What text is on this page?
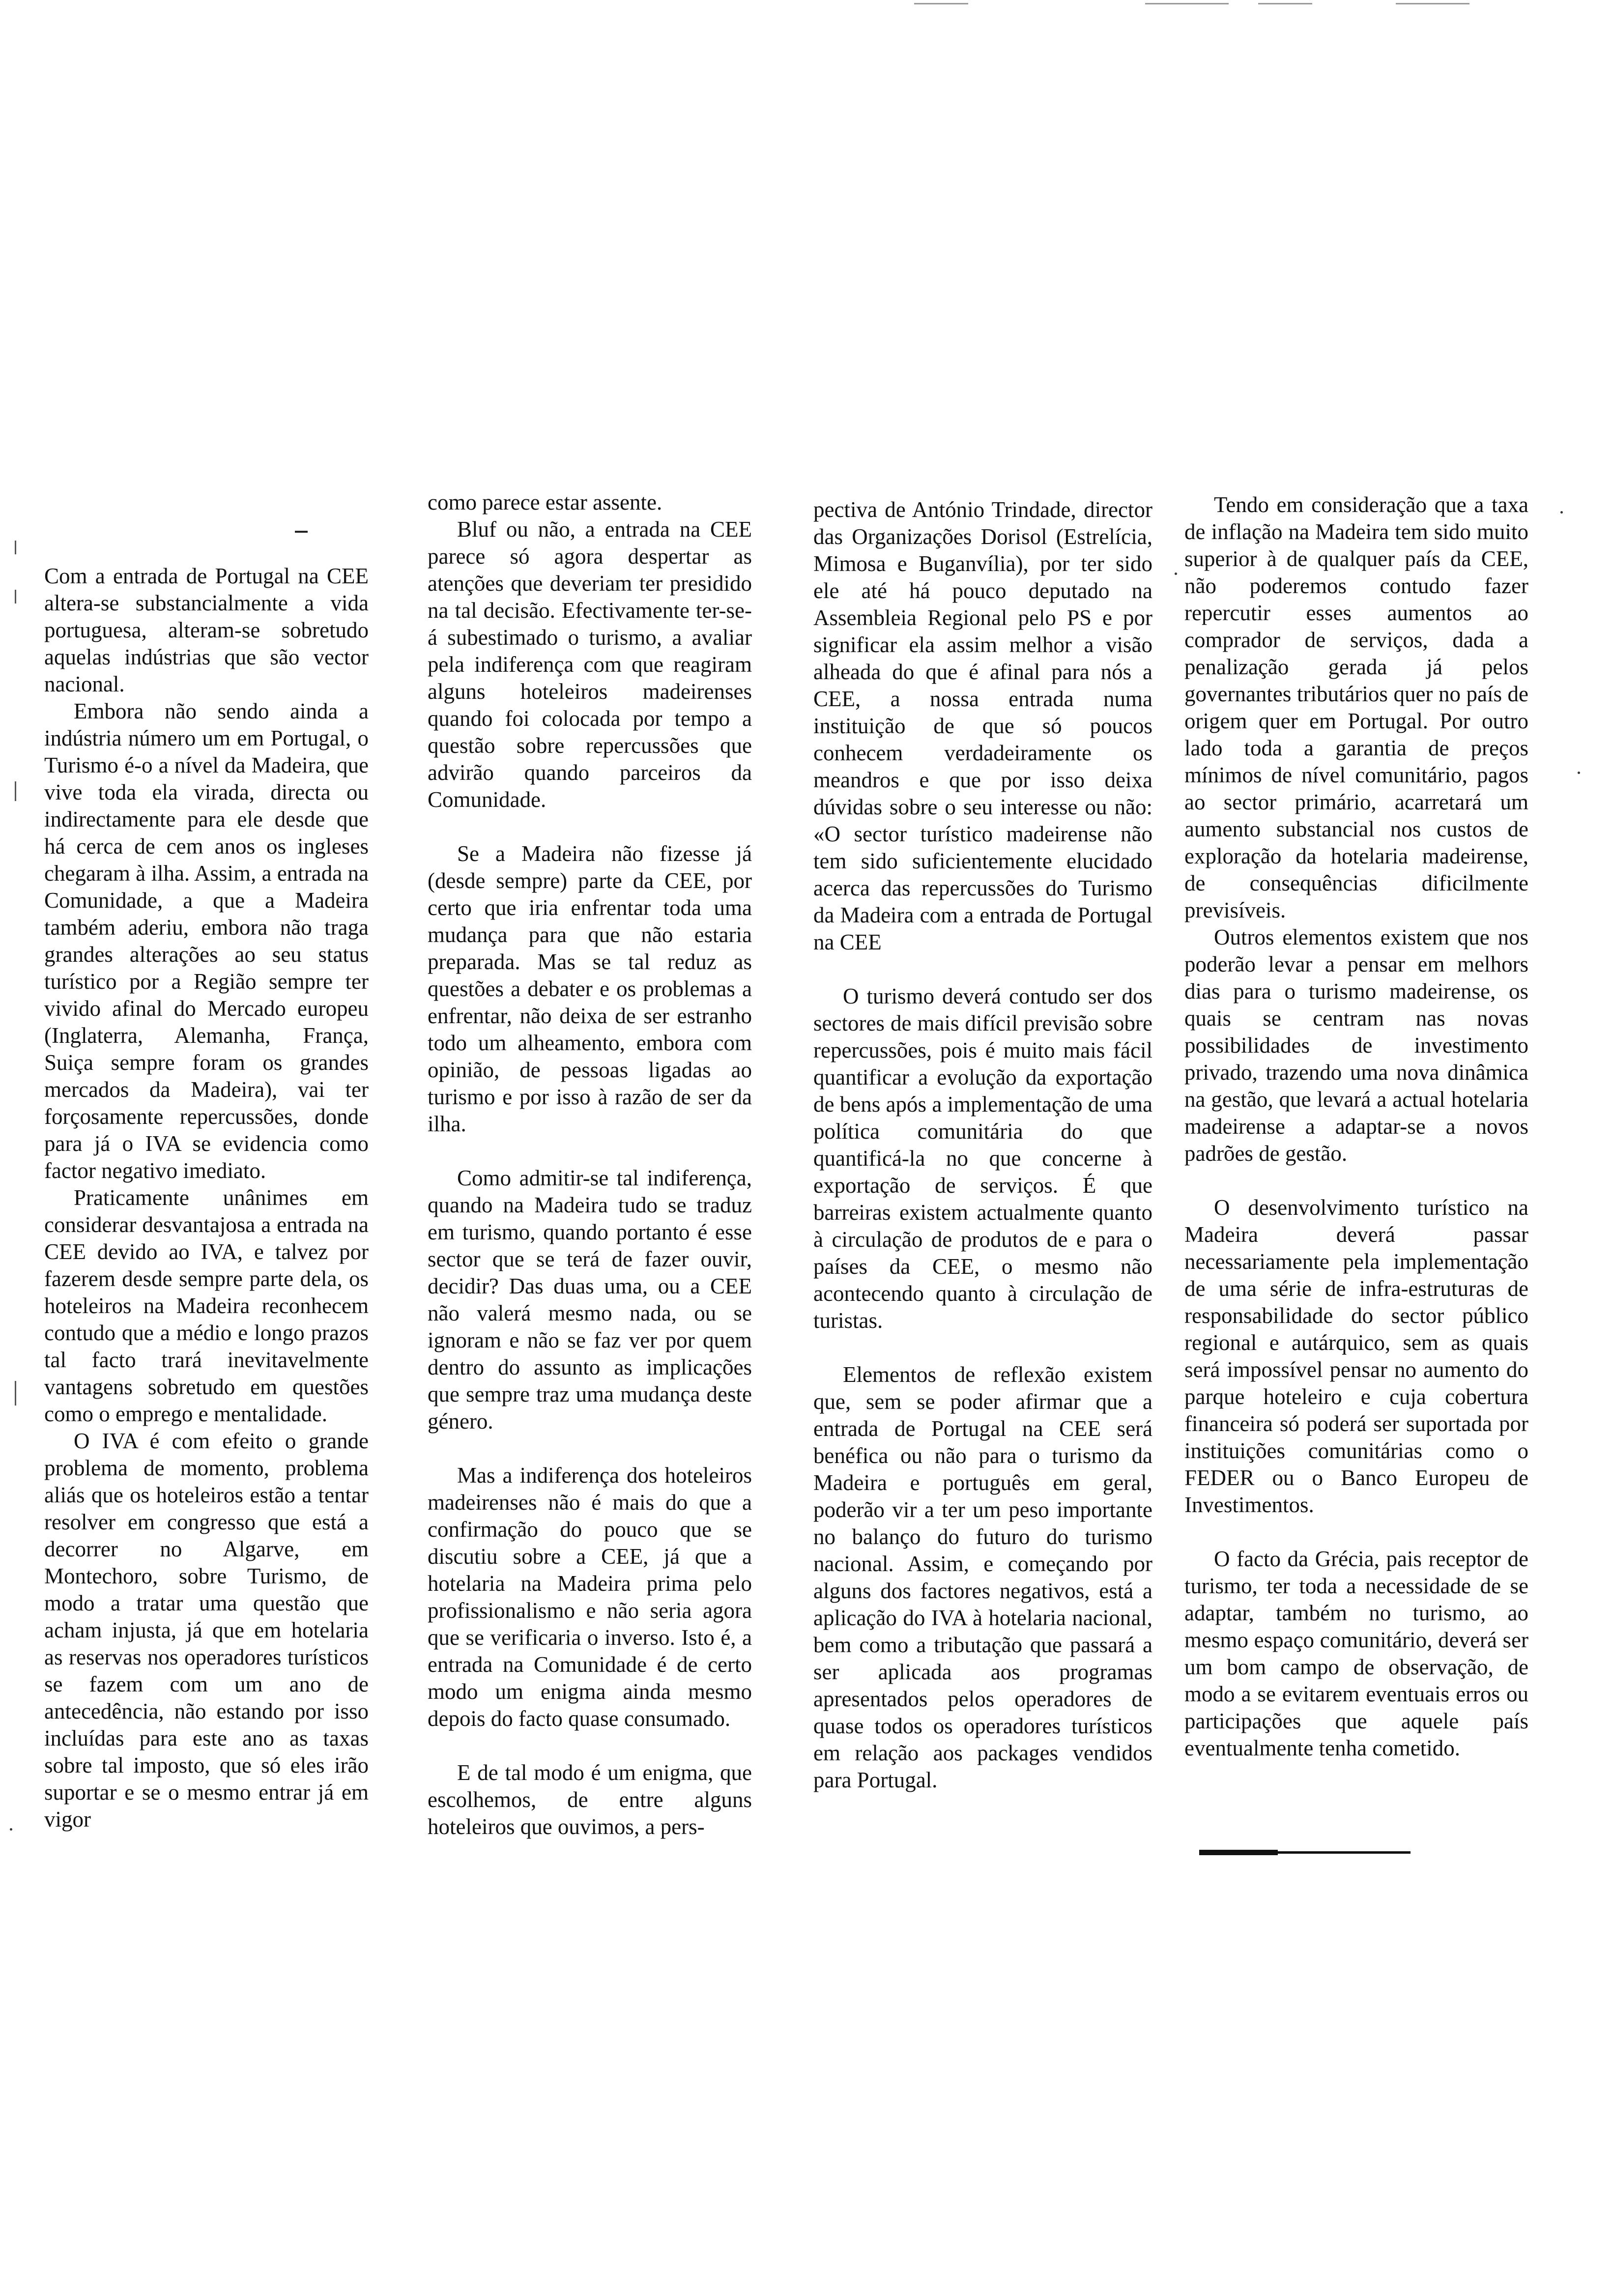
Com a entrada de Portugal na CEE altera-se substancialmente a vida portuguesa, alteram-se sobretudo aquelas indústrias que são vector nacional.

Embora não sendo ainda a indústria número um em Portugal, o Turismo é-o a nível da Madeira, que vive toda ela virada, directa ou indirectamente para ele desde que há cerca de cem anos os ingleses chegaram à ilha. Assim, a entrada na Comunidade, a que a Madeira também aderiu, embora não traga grandes alterações ao seu status turístico por a Região sempre ter vivido afinal do Mercado europeu (Inglaterra, Alemanha, França, Suiça sempre foram os grandes mercados da Madeira), vai ter forçosamente repercussões, donde para já o IVA se evidencia como factor negativo imediato.

Praticamente unânimes em considerar desvantajosa a entrada na CEE devido ao IVA, e talvez por fazerem desde sempre parte dela, os hoteleiros na Madeira reconhecem contudo que a médio e longo prazos tal facto trará inevitavelmente vantagens sobretudo em questões como o emprego e mentalidade.

O IVA é com efeito o grande problema de momento, problema aliás que os hoteleiros estão a tentar resolver em congresso que está a decorrer no Algarve, em Montechoro, sobre Turismo, de modo a tratar uma questão que acham injusta, já que em hotelaria as reservas nos operadores turísticos se fazem com um ano de antecedência, não estando por isso incluídas para este ano as taxas sobre tal imposto, que só eles irão suportar e se o mesmo entrar já em vigor

como parece estar assente.

Bluf ou não, a entrada na CEE parece só agora despertar as atenções que deveriam ter presidido na tal decisão. Efectivamente ter-se-á subestimado o turismo, a avaliar pela indiferença com que reagiram alguns hoteleiros madeirenses quando foi colocada por tempo a questão sobre repercussões que advirão quando parceiros da Comunidade.

Se a Madeira não fizesse já (desde sempre) parte da CEE, por certo que iria enfrentar toda uma mudança para que não estaria preparada. Mas se tal reduz as questões a debater e os problemas a enfrentar, não deixa de ser estranho todo um alheamento, embora com opinião, de pessoas ligadas ao turismo e por isso à razão de ser da ilha.

Como admitir-se tal indiferença, quando na Madeira tudo se traduz em turismo, quando portanto é esse sector que se terá de fazer ouvir, decidir? Das duas uma, ou a CEE não valerá mesmo nada, ou se ignoram e não se faz ver por quem dentro do assunto as implicações que sempre traz uma mudança deste género.

Mas a indiferença dos hoteleiros madeirenses não é mais do que a confirmação do pouco que se discutiu sobre a CEE, já que a hotelaria na Madeira prima pelo profissionalismo e não seria agora que se verificaria o inverso. Isto é, a entrada na Comunidade é de certo modo um enigma ainda mesmo depois do facto quase consumado.

E de tal modo é um enigma, que escolhemos, de entre alguns hoteleiros que ouvimos, a pers-

pectiva de António Trindade, director das Organizações Dorisol (Estrelícia, Mimosa e Buganvília), por ter sido ele até há pouco deputado na Assembleia Regional pelo PS e por significar ela assim melhor a visão alheada do que é afinal para nós a CEE, a nossa entrada numa instituição de que só poucos conhecem verdadeiramente os meandros e que por isso deixa dúvidas sobre o seu interesse ou não: «O sector turístico madeirense não tem sido suficientemente elucidado acerca das repercussões do Turismo da Madeira com a entrada de Portugal na CEE

O turismo deverá contudo ser dos sectores de mais difícil previsão sobre repercussões, pois é muito mais fácil quantificar a evolução da exportação de bens após a implementação de uma política comunitária do que quantificá-la no que concerne à exportação de serviços. É que barreiras existem actualmente quanto à circulação de produtos de e para o países da CEE, o mesmo não acontecendo quanto à circulação de turistas.

Elementos de reflexão existem que, sem se poder afirmar que a entrada de Portugal na CEE será benéfica ou não para o turismo da Madeira e português em geral, poderão vir a ter um peso importante no balanço do futuro do turismo nacional. Assim, e começando por alguns dos factores negativos, está a aplicação do IVA à hotelaria nacional, bem como a tributação que passará a ser aplicada aos programas apresentados pelos operadores de quase todos os operadores turísticos em relação aos packages vendidos para Portugal.

Tendo em consideração que a taxa de inflação na Madeira tem sido muito superior à de qualquer país da CEE, não poderemos contudo fazer repercutir esses aumentos ao comprador de serviços, dada a penalização gerada já pelos governantes tributários quer no país de origem quer em Portugal. Por outro lado toda a garantia de preços mínimos de nível comunitário, pagos ao sector primário, acarretará um aumento substancial nos custos de exploração da hotelaria madeirense, de consequências dificilmente previsíveis.

Outros elementos existem que nos poderão levar a pensar em melhors dias para o turismo madeirense, os quais se centram nas novas possibilidades de investimento privado, trazendo uma nova dinâmica na gestão, que levará a actual hotelaria madeirense a adaptar-se a novos padrões de gestão.

O desenvolvimento turístico na Madeira deverá passar necessariamente pela implementação de uma série de infra-estruturas de responsabilidade do sector público regional e autárquico, sem as quais será impossível pensar no aumento do parque hoteleiro e cuja cobertura financeira só poderá ser suportada por instituições comunitárias como o FEDER ou o Banco Europeu de Investimentos.

O facto da Grécia, pais receptor de turismo, ter toda a necessidade de se adaptar, também no turismo, ao mesmo espaço comunitário, deverá ser um bom campo de observação, de modo a se evitarem eventuais erros ou participações que aquele país eventualmente tenha cometido.
